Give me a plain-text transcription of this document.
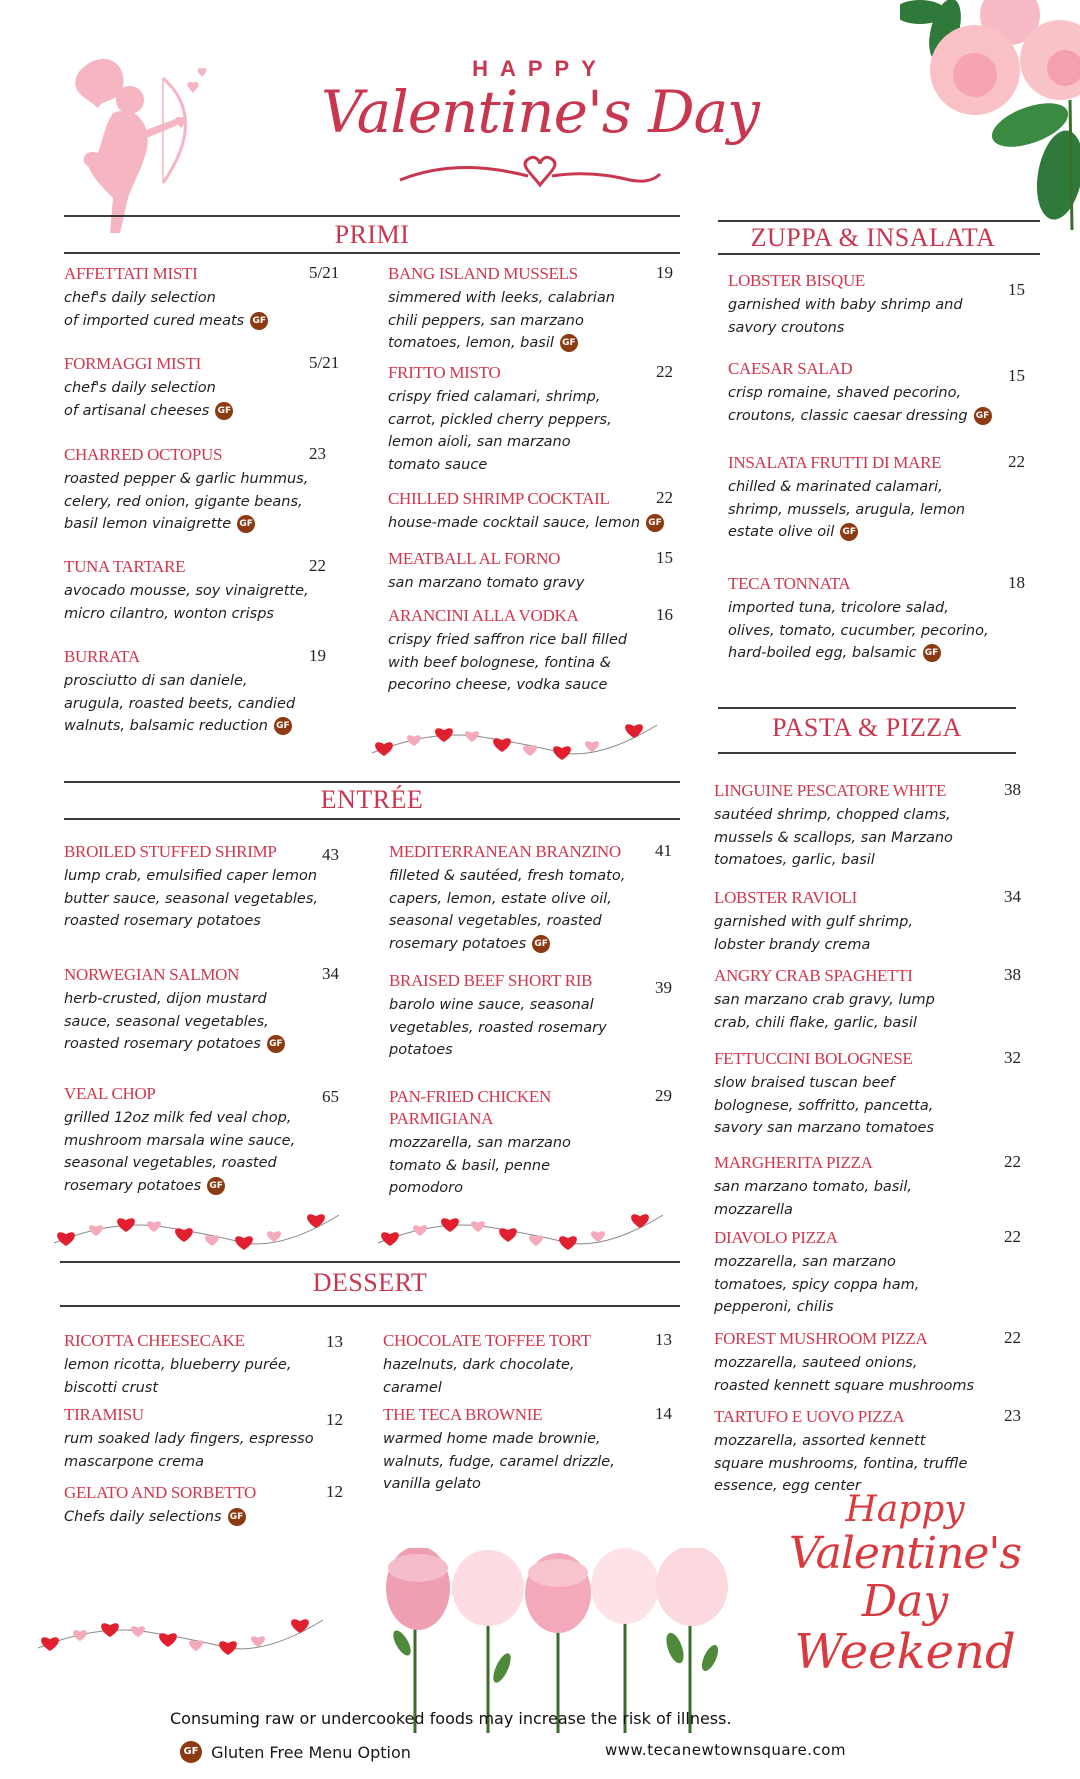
HAPPY
Valentine's Day
PRIMI
AFFETTATI MISTI	5/21
chef's daily selection
of imported cured meats GF
FORMAGGI MISTI	5/21
chef's daily selection
of artisanal cheeses GF
CHARRED OCTOPUS	23
roasted pepper & garlic hummus,
celery, red onion, gigante beans,
basil lemon vinaigrette GF
TUNA TARTARE	22
avocado mousse, soy vinaigrette,
micro cilantro, wonton crisps
BURRATA	19
prosciutto di san daniele,
arugula, roasted beets, candied
walnuts, balsamic reduction GF
BANG ISLAND MUSSELS	19
simmered with leeks, calabrian
chili peppers, san marzano
tomatoes, lemon, basil GF
FRITTO MISTO	22
crispy fried calamari, shrimp,
carrot, pickled cherry peppers,
lemon aioli, san marzano
tomato sauce
CHILLED SHRIMP COCKTAIL	22
house-made cocktail sauce, lemon GF
MEATBALL AL FORNO	15
san marzano tomato gravy
ARANCINI ALLA VODKA	16
crispy fried saffron rice ball filled
with beef bolognese, fontina &
pecorino cheese, vodka sauce
ZUPPA & INSALATA
LOBSTER BISQUE	15
garnished with baby shrimp and
savory croutons
CAESAR SALAD	15
crisp romaine, shaved pecorino,
croutons, classic caesar dressing GF
INSALATA FRUTTI DI MARE	22
chilled & marinated calamari,
shrimp, mussels, arugula, lemon
estate olive oil GF
TECA TONNATA	18
imported tuna, tricolore salad,
olives, tomato, cucumber, pecorino,
hard-boiled egg, balsamic GF
PASTA & PIZZA
LINGUINE PESCATORE WHITE	38
sautéed shrimp, chopped clams,
mussels & scallops, san Marzano
tomatoes, garlic, basil
LOBSTER RAVIOLI	34
garnished with gulf shrimp,
lobster brandy crema
ANGRY CRAB SPAGHETTI	38
san marzano crab gravy, lump
crab, chili flake, garlic, basil
FETTUCCINI BOLOGNESE	32
slow braised tuscan beef
bolognese, soffritto, pancetta,
savory san marzano tomatoes
MARGHERITA PIZZA	22
san marzano tomato, basil,
mozzarella
DIAVOLO PIZZA	22
mozzarella, san marzano
tomatoes, spicy coppa ham,
pepperoni, chilis
FOREST MUSHROOM PIZZA	22
mozzarella, sauteed onions,
roasted kennett square mushrooms
TARTUFO E UOVO PIZZA	23
mozzarella, assorted kennett
square mushrooms, fontina, truffle
essence, egg center
ENTRÉE
BROILED STUFFED SHRIMP	43
lump crab, emulsified caper lemon
butter sauce, seasonal vegetables,
roasted rosemary potatoes
NORWEGIAN SALMON	34
herb-crusted, dijon mustard
sauce, seasonal vegetables,
roasted rosemary potatoes GF
VEAL CHOP	65
grilled 12oz milk fed veal chop,
mushroom marsala wine sauce,
seasonal vegetables, roasted
rosemary potatoes GF
MEDITERRANEAN BRANZINO	41
filleted & sautéed, fresh tomato,
capers, lemon, estate olive oil,
seasonal vegetables, roasted
rosemary potatoes GF
BRAISED BEEF SHORT RIB	39
barolo wine sauce, seasonal
vegetables, roasted rosemary
potatoes
PAN-FRIED CHICKEN
PARMIGIANA
29
mozzarella, san marzano
tomato & basil, penne
pomodoro
DESSERT
RICOTTA CHEESECAKE	13
lemon ricotta, blueberry purée,
biscotti crust
TIRAMISU	12
rum soaked lady fingers, espresso
mascarpone crema
GELATO AND SORBETTO	12
Chefs daily selections GF
CHOCOLATE TOFFEE TORT	13
hazelnuts, dark chocolate,
caramel
THE TECA BROWNIE	14
warmed home made brownie,
walnuts, fudge, caramel drizzle,
vanilla gelato
Happy
Valentine's
Day
Weekend
Consuming raw or undercooked foods may increase the risk of illness.
GF Gluten Free Menu Option	www.tecanewtownsquare.com
